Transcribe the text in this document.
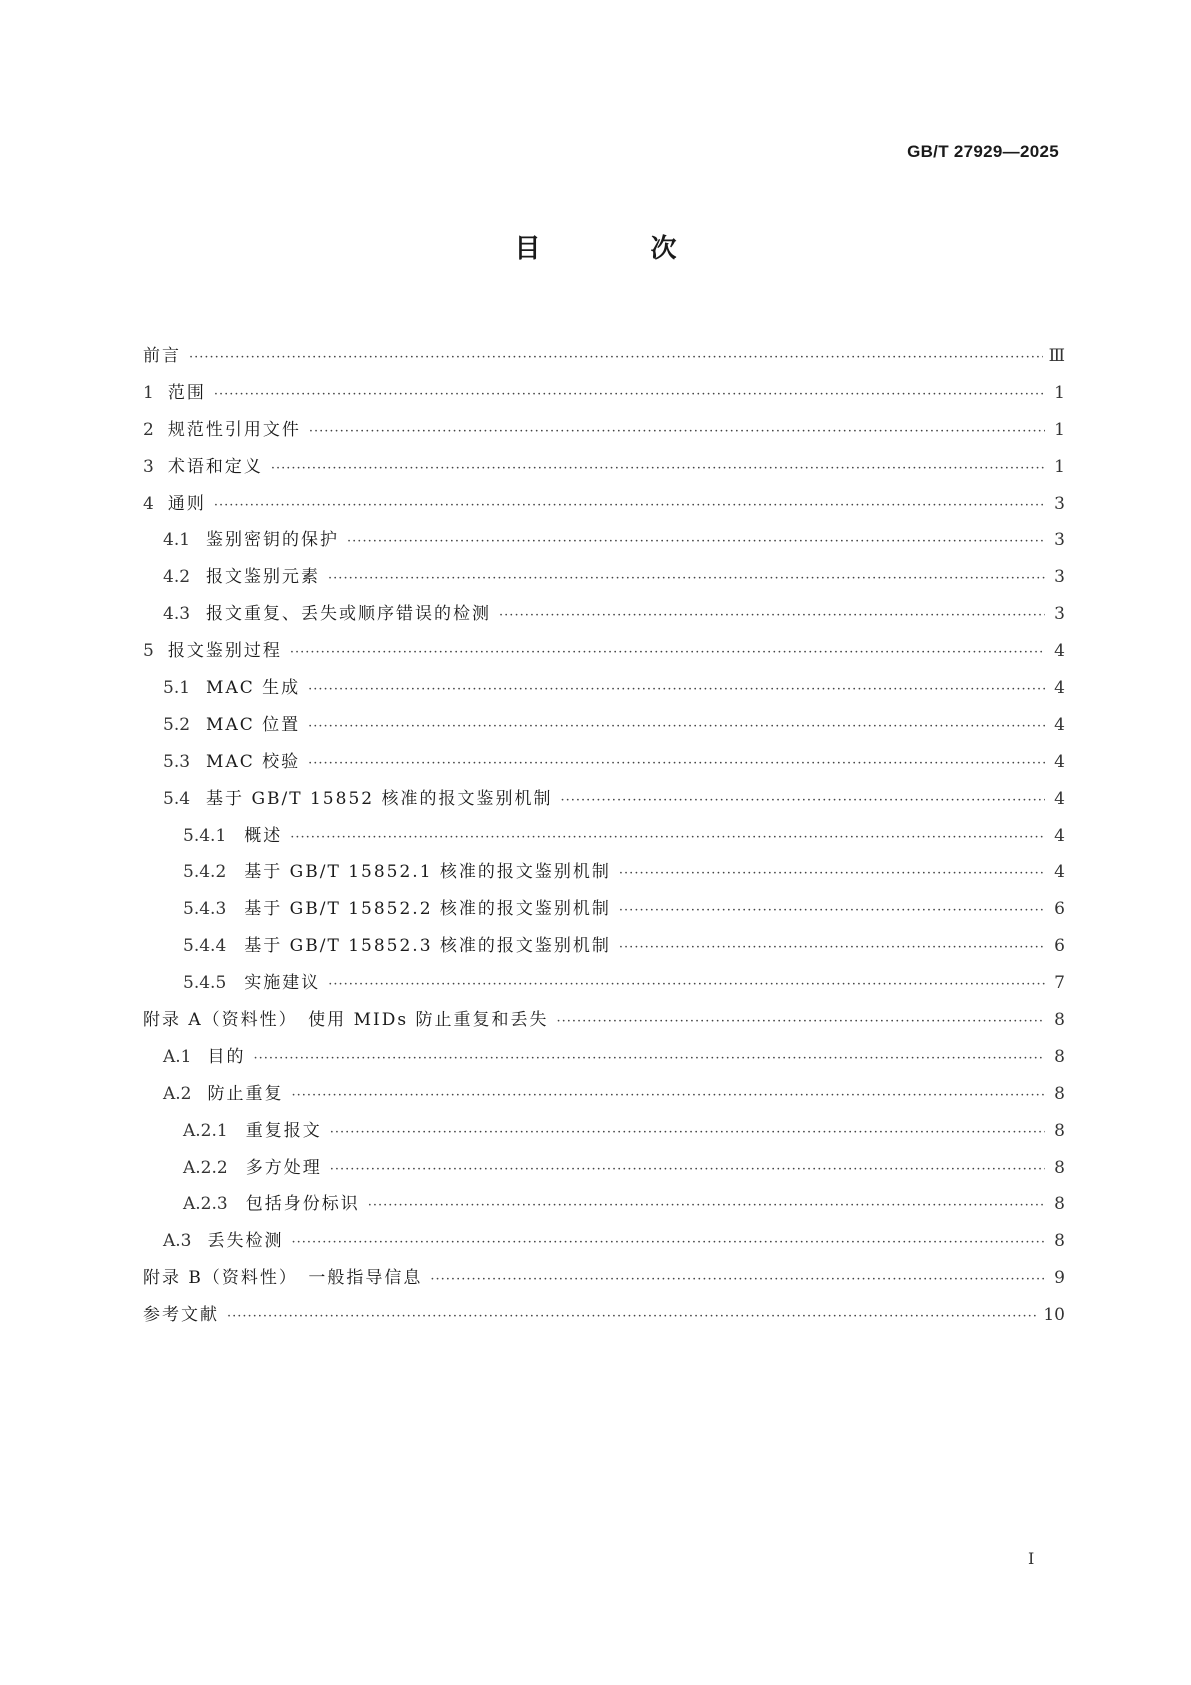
GB/T 27929—2025
目　次
前言 ·····	Ⅲ
1 范围 ·····	1
2 规范性引用文件 ·····	1
3 术语和定义 ·····	1
4 通则 ·····	3
4.1 鉴别密钥的保护 ·····	3
4.2 报文鉴别元素 ·····	3
4.3 报文重复、丢失或顺序错误的检测 ·····	3
5 报文鉴别过程 ·····	4
5.1 MAC 生成 ·····	4
5.2 MAC 位置 ·····	4
5.3 MAC 校验 ·····	4
5.4 基于 GB/T 15852 核准的报文鉴别机制 ·····	4
5.4.1 概述 ·····	4
5.4.2 基于 GB/T 15852.1 核准的报文鉴别机制 ·····	4
5.4.3 基于 GB/T 15852.2 核准的报文鉴别机制 ·····	6
5.4.4 基于 GB/T 15852.3 核准的报文鉴别机制 ·····	6
5.4.5 实施建议 ·····	7
附录 A（资料性）　使用 MIDs 防止重复和丢失 ·····	8
A.1 目的 ·····	8
A.2 防止重复 ·····	8
A.2.1 重复报文 ·····	8
A.2.2 多方处理 ·····	8
A.2.3 包括身份标识 ·····	8
A.3 丢失检测 ·····	8
附录 B（资料性）　一般指导信息 ·····	9
参考文献 ·····	10
I
